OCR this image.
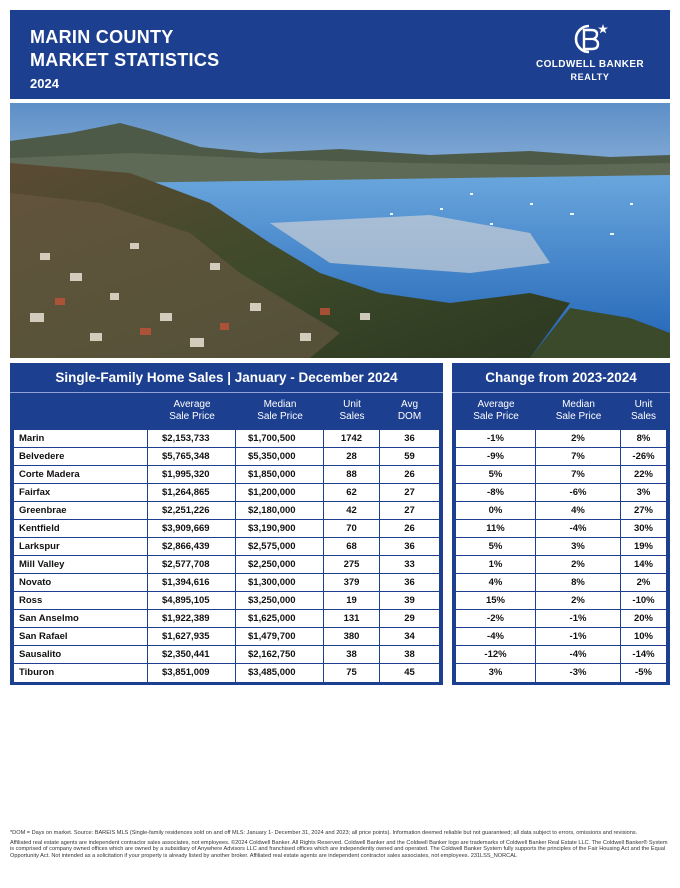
MARIN COUNTY
MARKET STATISTICS
2024
COLDWELL BANKER
REALTY
Single-Family Home Sales | January - December 2024
Average
Sale Price
Median
Sale Price
Unit
Sales
Avg
DOM
Marin	$2,153,733	$1,700,500	1742	36
Belvedere	$5,765,348	$5,350,000	28	59
Corte Madera	$1,995,320	$1,850,000	88	26
Fairfax	$1,264,865	$1,200,000	62	27
Greenbrae	$2,251,226	$2,180,000	42	27
Kentfield	$3,909,669	$3,190,900	70	26
Larkspur	$2,866,439	$2,575,000	68	36
Mill Valley	$2,577,708	$2,250,000	275	33
Novato	$1,394,616	$1,300,000	379	36
Ross	$4,895,105	$3,250,000	19	39
San Anselmo	$1,922,389	$1,625,000	131	29
San Rafael	$1,627,935	$1,479,700	380	34
Sausalito	$2,350,441	$2,162,750	38	38
Tiburon	$3,851,009	$3,485,000	75	45
Change from 2023-2024
Average
Sale Price
Median
Sale Price
Unit
Sales
-1%	2%	8%
-9%	7%	-26%
5%	7%	22%
-8%	-6%	3%
0%	4%	27%
11%	-4%	30%
5%	3%	19%
1%	2%	14%
4%	8%	2%
15%	2%	-10%
-2%	-1%	20%
-4%	-1%	10%
-12%	-4%	-14%
3%	-3%	-5%

*DOM = Days on market. Source: BAREIS MLS (Single-family residences sold on and off MLS: January 1- December 31, 2024 and 2023; all price points). Information deemed reliable but not guaranteed; all data subject to errors, omissions and revisions.

Affiliated real estate agents are independent contractor sales associates, not employees. ©2024 Coldwell Banker. All Rights Reserved. Coldwell Banker and the Coldwell Banker logo are trademarks of Coldwell Banker Real Estate LLC. The Coldwell Banker® System is comprised of company owned offices which are owned by a subsidiary of Anywhere Advisors LLC and franchised offices which are independently owned and operated. The Coldwell Banker System fully supports the principles of the Fair Housing Act and the Equal Opportunity Act. Not intended as a solicitation if your property is already listed by another broker. Affiliated real estate agents are independent contractor sales associates, not employees. 231LSS_NORCAL
